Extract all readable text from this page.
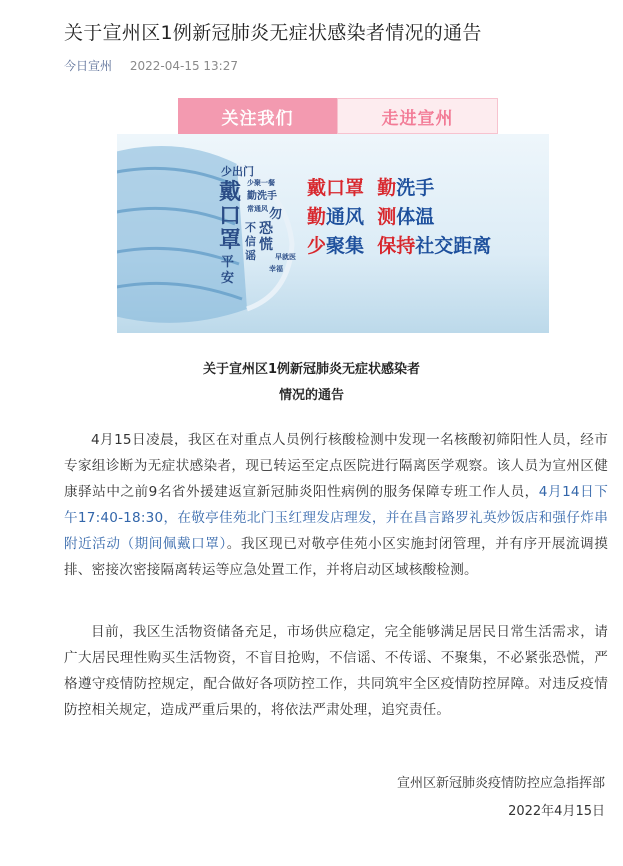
关于宣州区1例新冠肺炎无症状感染者情况的通告
今日宣州 2022-04-15 13:27
关注我们	走进宣州
少出门
戴
口
罩
平
安
少聚一餐
勤洗手
常通风 勿
恐
慌
不
信
谣	早就医
幸福
戴口罩 勤洗手
勤通风 测体温
少聚集 保持社交距离
关于宣州区1例新冠肺炎无症状感染者
情况的通告
4月15日凌晨，我区在对重点人员例行核酸检测中发现一名核酸初筛阳性人员，经市专家组诊断为无症状感染者，现已转运至定点医院进行隔离医学观察。该人员为宣州区健康驿站中之前9名省外援建返宣新冠肺炎阳性病例的服务保障专班工作人员，4月14日下午17:40-18:30，在敬亭佳苑北门玉红理发店理发，并在昌言路罗礼英炒饭店和强仔炸串附近活动（期间佩戴口罩）。我区现已对敬亭佳苑小区实施封闭管理，并有序开展流调摸排、密接次密接隔离转运等应急处置工作，并将启动区域核酸检测。
目前，我区生活物资储备充足，市场供应稳定，完全能够满足居民日常生活需求，请广大居民理性购买生活物资，不盲目抢购，不信谣、不传谣、不聚集，不必紧张恐慌，严格遵守疫情防控规定，配合做好各项防控工作，共同筑牢全区疫情防控屏障。对违反疫情防控相关规定，造成严重后果的，将依法严肃处理，追究责任。
宣州区新冠肺炎疫情防控应急指挥部
2022年4月15日
